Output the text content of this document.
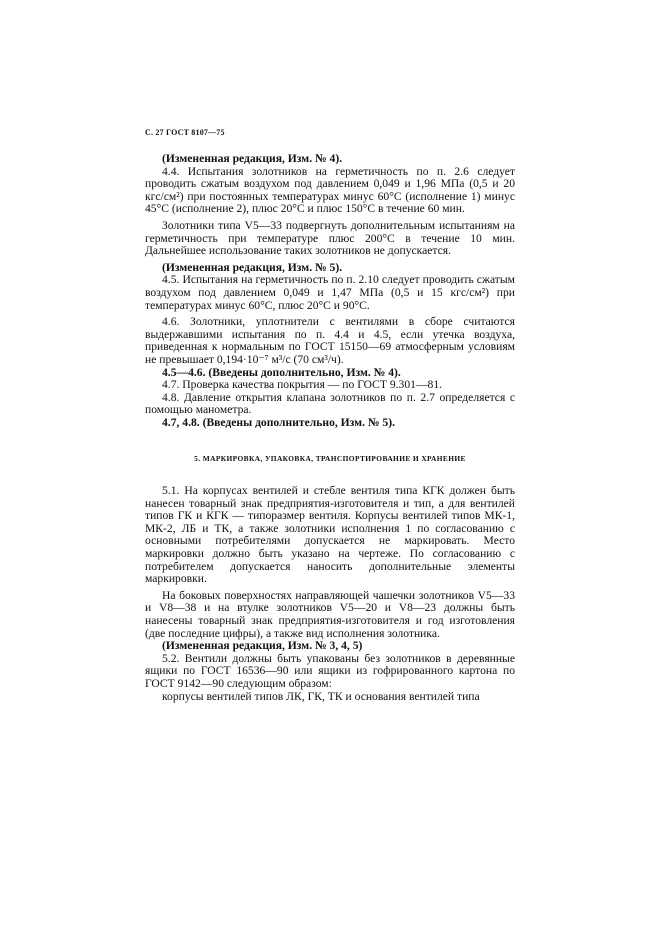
С. 27 ГОСТ 8107—75

(Измененная редакция, Изм. № 4).

4.4. Испытания золотников на герметичность по п. 2.6 следует проводить сжатым воздухом под давлением 0,049 и 1,96 МПа (0,5 и 20 кгс/см²) при постоянных температурах минус 60°С (исполнение 1) минус 45°С (исполнение 2), плюс 20°С и плюс 150°С в течение 60 мин.

Золотники типа V5—33 подвергнуть дополнительным испытаниям на герметичность при температуре плюс 200°С в течение 10 мин. Дальнейшее использование таких золотников не допускается.

(Измененная редакция, Изм. № 5).

4.5. Испытания на герметичность по п. 2.10 следует проводить сжатым воздухом под давлением 0,049 и 1,47 МПа (0,5 и 15 кгс/см²) при температурах минус 60°С, плюс 20°С и 90°С.

4.6. Золотники, уплотнители с вентилями в сборе считаются выдержавшими испытания по п. 4.4 и 4.5, если утечка воздуха, приведенная к нормальным по ГОСТ 15150—69 атмосферным условиям не превышает 0,194·10⁻⁷ м³/с (70 см³/ч).

4.5—4.6. (Введены дополнительно, Изм. № 4).

4.7. Проверка качества покрытия — по ГОСТ 9.301—81.

4.8. Давление открытия клапана золотников по п. 2.7 определяется с помощью манометра.

4.7, 4.8. (Введены дополнительно, Изм. № 5).

5. МАРКИРОВКА, УПАКОВКА, ТРАНСПОРТИРОВАНИЕ И ХРАНЕНИЕ

5.1. На корпусах вентилей и стебле вентиля типа КГК должен быть нанесен товарный знак предприятия-изготовителя и тип, а для вентилей типов ГК и КГК — типоразмер вентиля. Корпусы вентилей типов МК-1, МК-2, ЛБ и ТК, а также золотники исполнения 1 по согласованию с основными потребителями допускается не маркировать. Место маркировки должно быть указано на чертеже. По согласованию с потребителем допускается наносить дополнительные элементы маркировки.

На боковых поверхностях направляющей чашечки золотников V5—33 и V8—38 и на втулке золотников V5—20 и V8—23 должны быть нанесены товарный знак предприятия-изготовителя и год изготовления (две последние цифры), а также вид исполнения золотника.

(Измененная редакция, Изм. № 3, 4, 5)

5.2. Вентили должны быть упакованы без золотников в деревянные ящики по ГОСТ 16536—90 или ящики из гофрированного картона по ГОСТ 9142—90 следующим образом:

корпусы вентилей типов ЛК, ГК, ТК и основания вентилей типа
